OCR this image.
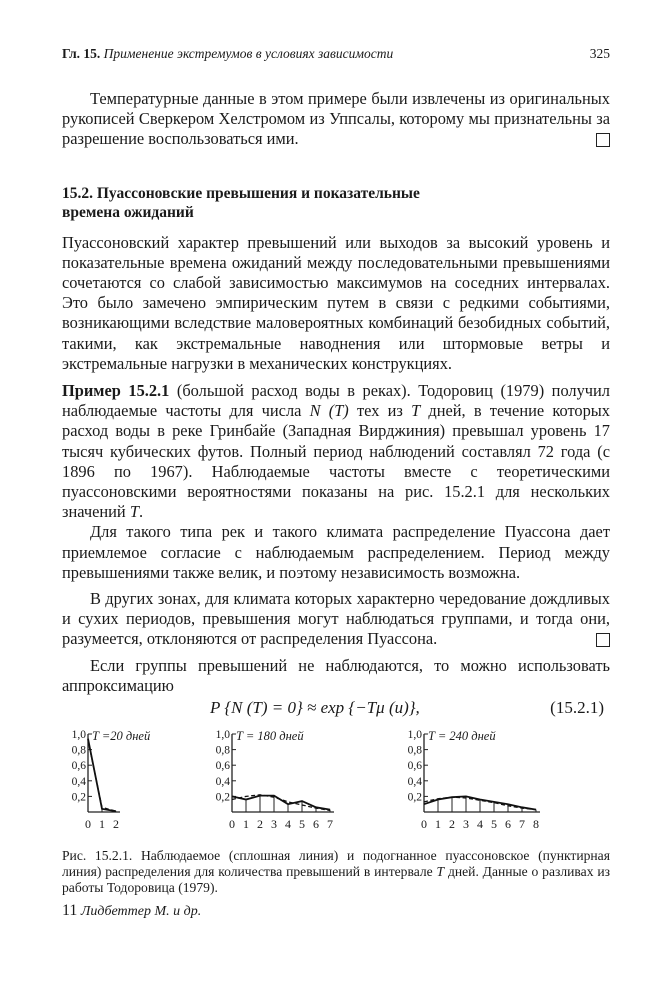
Гл. 15. Применение экстремумов в условиях зависимости	325

Температурные данные в этом примере были извлечены из оригинальных рукописей Сверкером Хелстромом из Уппсалы, которому мы признательны за разрешение воспользоваться ими.

15.2. Пуассоновские превышения и показательные

времена ожиданий

Пуассоновский характер превышений или выходов за высокий уровень и показательные времена ожиданий между последовательными превышениями сочетаются со слабой зависимостью максимумов на соседних интервалах. Это было замечено эмпирическим путем в связи с редкими событиями, возникающими вследствие маловероятных комбинаций безобидных событий, такими, как экстремальные наводнения или штормовые ветры и экстремальные нагрузки в механических конструкциях.

Пример 15.2.1 (большой расход воды в реках). Тодоровиц (1979) получил наблюдаемые частоты для числа N (T) тех из T дней, в течение которых расход воды в реке Гринбайе (Западная Вирджиния) превышал уровень 17 тысяч кубических футов. Полный период наблюдений составлял 72 года (с 1896 по 1967). Наблюдаемые частоты вместе с теоретическими пуассоновскими вероятностями показаны на рис. 15.2.1 для нескольких значений T.

Для такого типа рек и такого климата распределение Пуассона дает приемлемое согласие с наблюдаемым распределением. Период между превышениями также велик, и поэтому независимость возможна.

В других зонах, для климата которых характерно чередование дождливых и сухих периодов, превышения могут наблюдаться группами, и тогда они, разумеется, отклоняются от распределения Пуассона.

Если группы превышений не наблюдаются, то можно использовать аппроксимацию

P {N (T) = 0} ≈ exp {−Tμ (u)},	(15.2.1)
1,0
0,8
0,6
0,4
0,2
0 1 2
T =20 дней	1,0
0,8
0,6
0,4
0,2
0 1 2 3 4 5 6 7
T = 180 дней	1,0
0,8
0,6
0,4
0,2
0 1 2 3 4 5 6 7 8
T = 240 дней

Рис. 15.2.1. Наблюдаемое (сплошная линия) и подогнанное пуассоновское (пунктирная линия) распределения для количества превышений в интервале T дней. Данные о разливах из работы Тодоровица (1979).

11 Лидбеттер М. и др.
